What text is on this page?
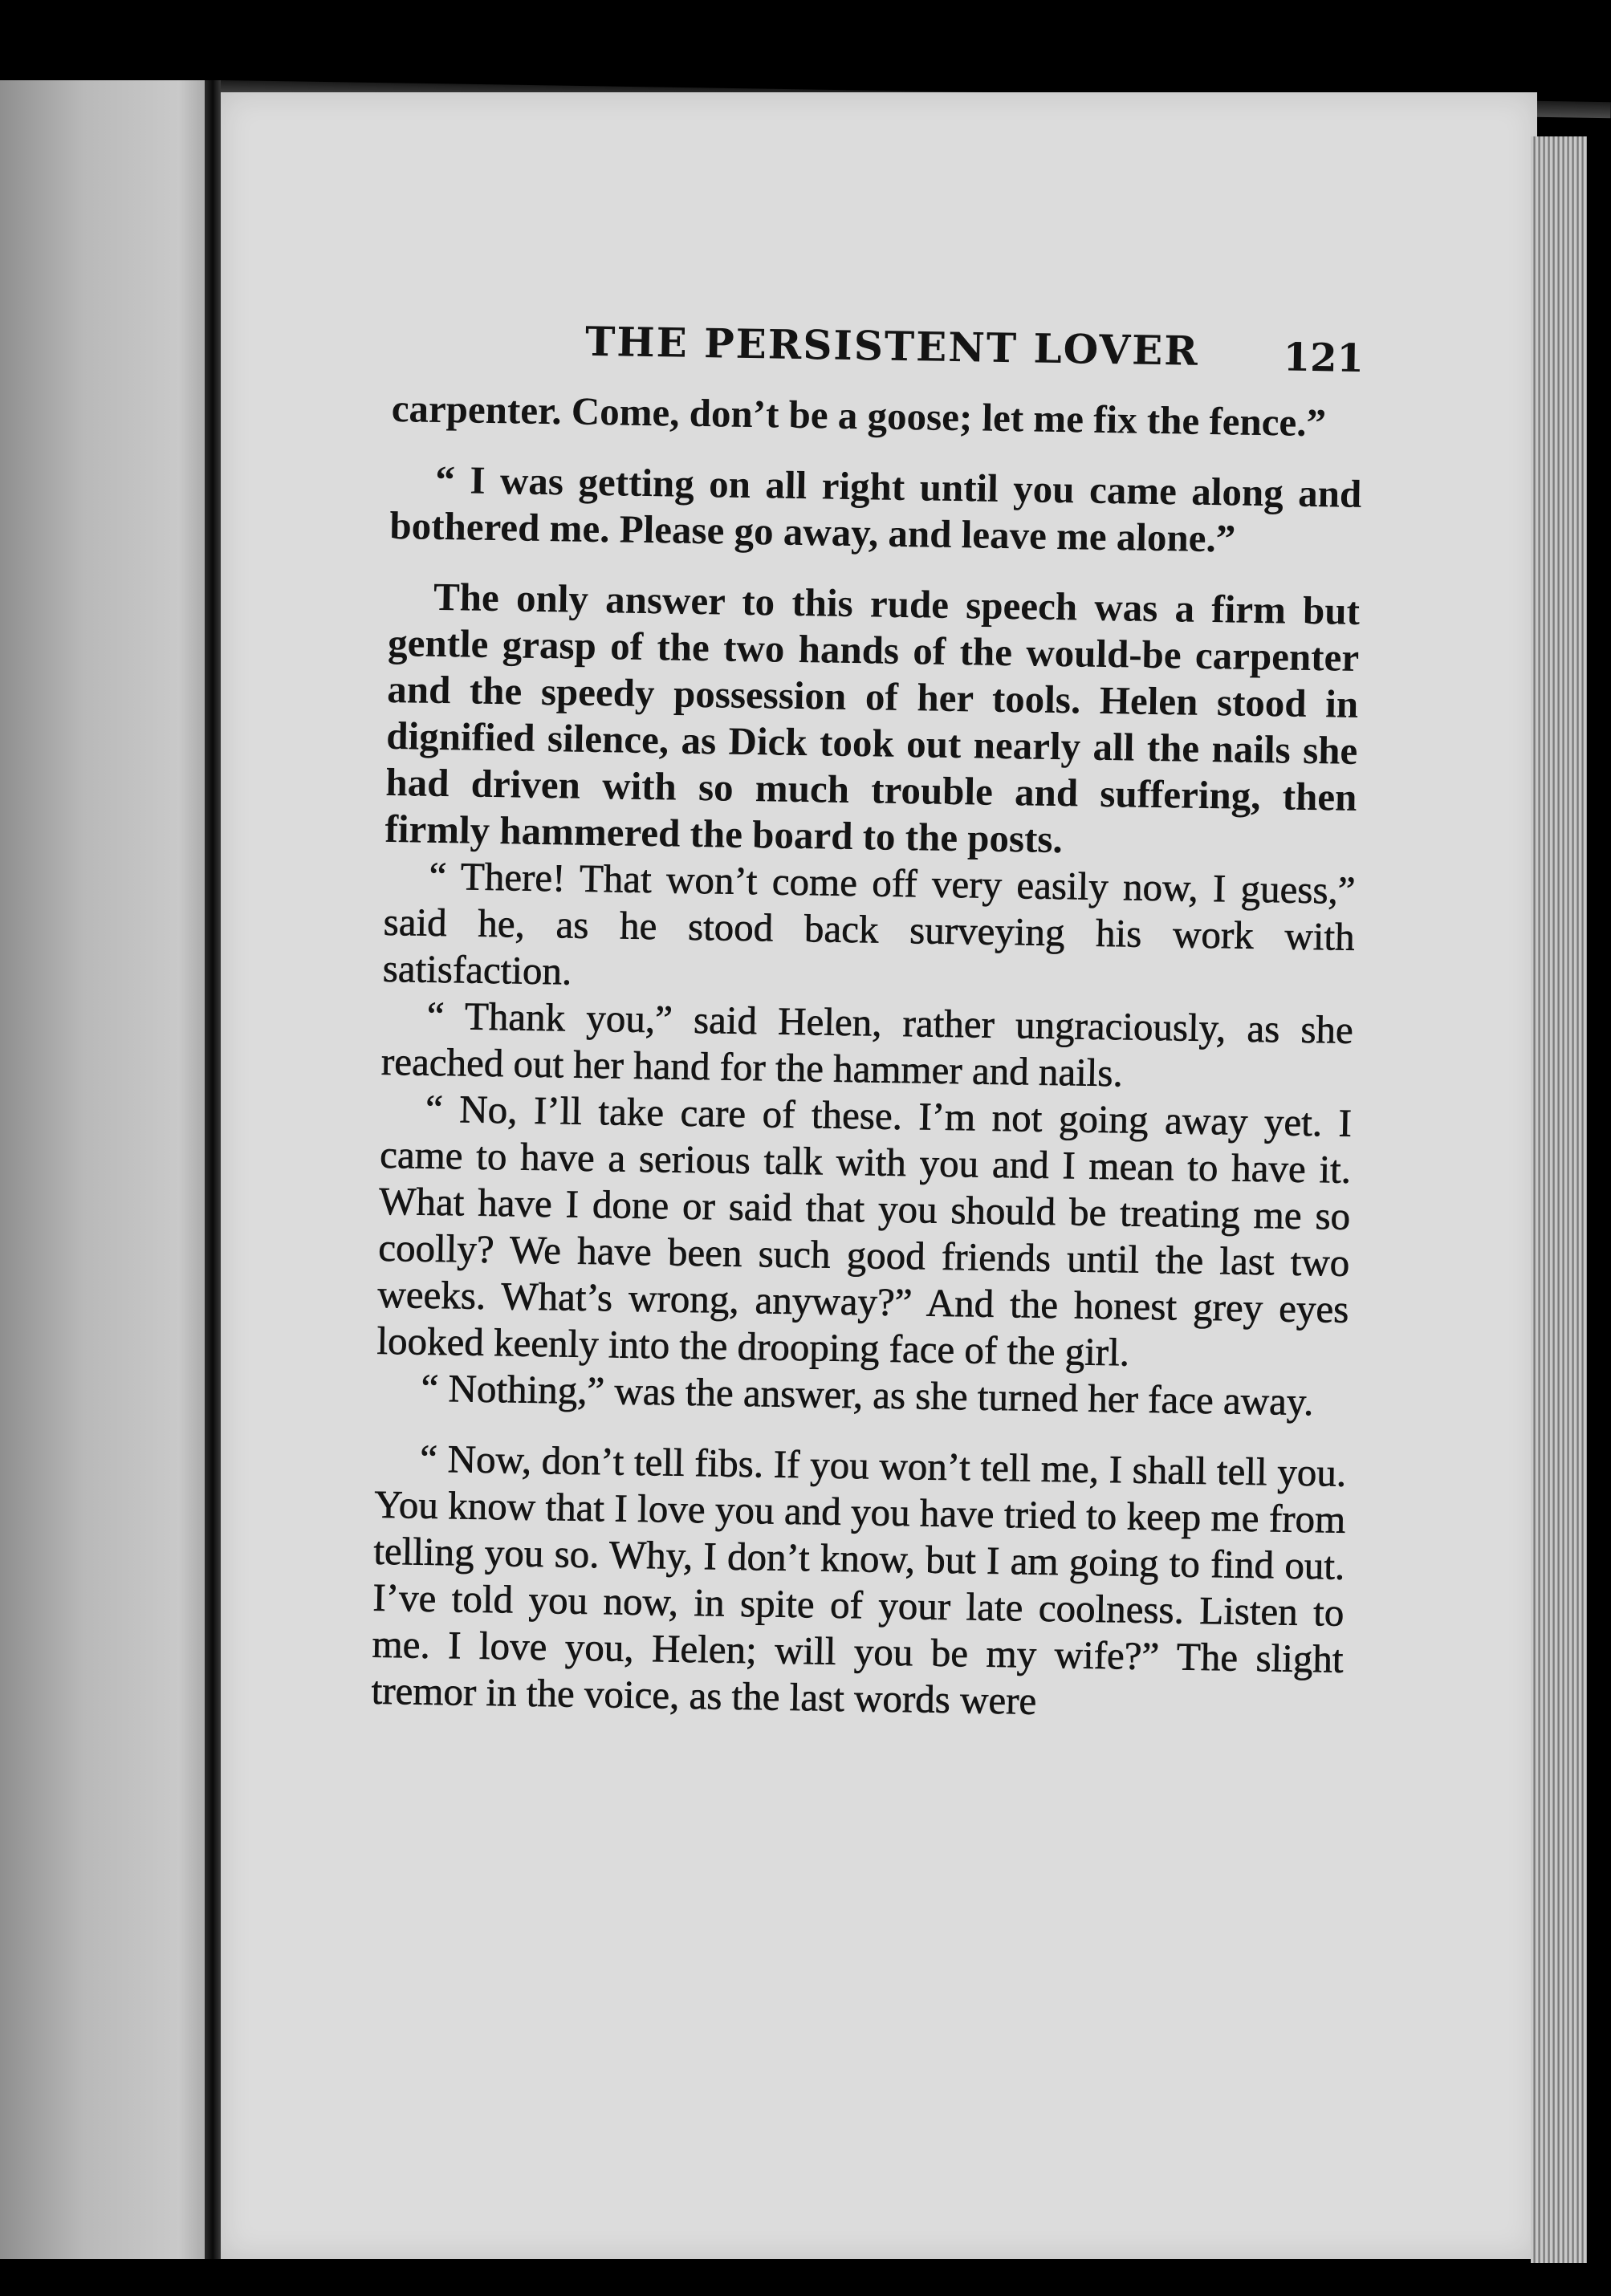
THE PERSISTENT LOVER 121

carpenter. Come, don’t be a goose; let me fix the fence.”

“ I was getting on all right until you came along and bothered me. Please go away, and leave me alone.”

The only answer to this rude speech was a firm but gentle grasp of the two hands of the would-be carpenter and the speedy possession of her tools. Helen stood in dignified silence, as Dick took out nearly all the nails she had driven with so much trouble and suffering, then firmly hammered the board to the posts.

“ There! That won’t come off very easily now, I guess,” said he, as he stood back surveying his work with satisfaction.

“ Thank you,” said Helen, rather ungraciously, as she reached out her hand for the hammer and nails.

“ No, I’ll take care of these. I’m not going away yet. I came to have a serious talk with you and I mean to have it. What have I done or said that you should be treating me so coolly? We have been such good friends until the last two weeks. What’s wrong, anyway?” And the honest grey eyes looked keenly into the drooping face of the girl.

“ Nothing,” was the answer, as she turned her face away.

“ Now, don’t tell fibs. If you won’t tell me, I shall tell you. You know that I love you and you have tried to keep me from telling you so. Why, I don’t know, but I am going to find out. I’ve told you now, in spite of your late coolness. Listen to me. I love you, Helen; will you be my wife?” The slight tremor in the voice, as the last words were
